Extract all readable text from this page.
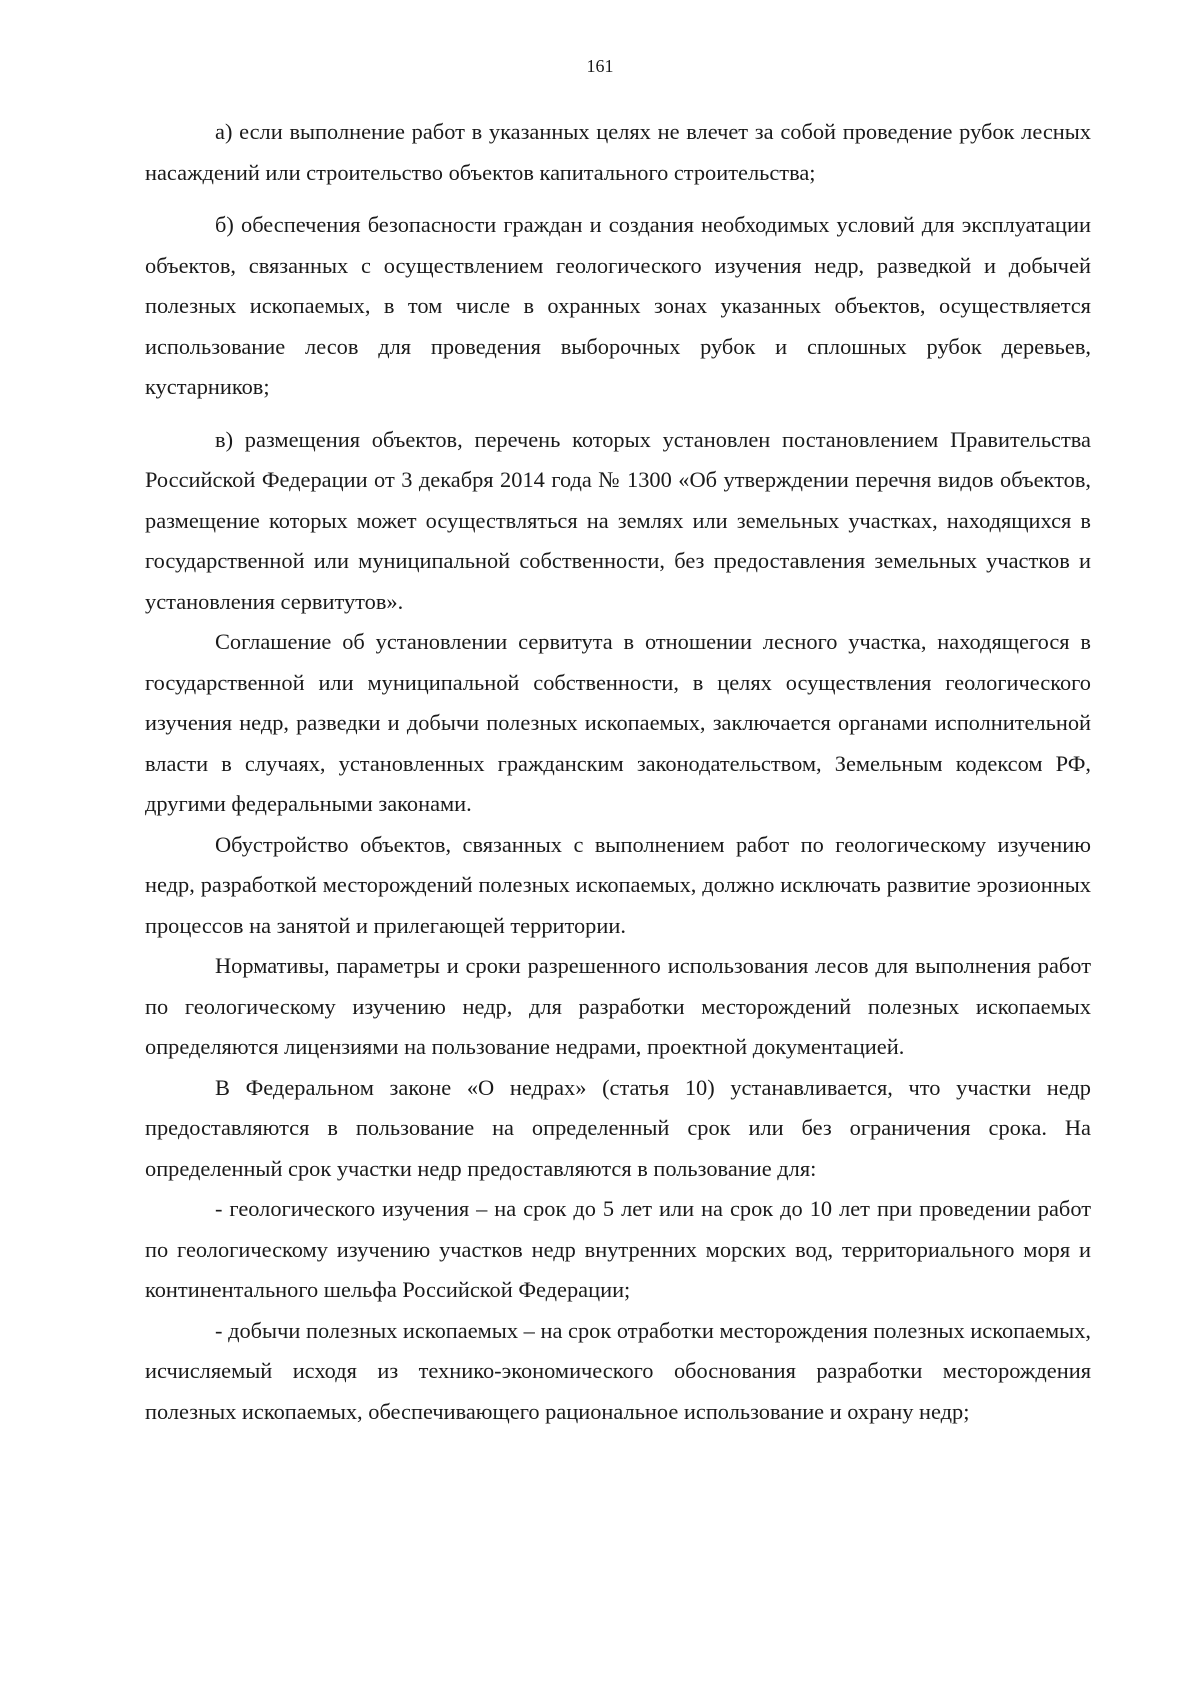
161

а) если выполнение работ в указанных целях не влечет за собой проведение рубок лесных насаждений или строительство объектов капитального строительства;

б) обеспечения безопасности граждан и создания необходимых условий для эксплуатации объектов, связанных с осуществлением геологического изучения недр, разведкой и добычей полезных ископаемых, в том числе в охранных зонах указанных объектов, осуществляется использование лесов для проведения выборочных рубок и сплошных рубок деревьев, кустарников;

в) размещения объектов, перечень которых установлен постановлением Правительства Российской Федерации от 3 декабря 2014 года № 1300 «Об утверждении перечня видов объектов, размещение которых может осуществляться на землях или земельных участках, находящихся в государственной или муниципальной собственности, без предоставления земельных участков и установления сервитутов».

Соглашение об установлении сервитута в отношении лесного участка, находящегося в государственной или муниципальной собственности, в целях осуществления геологического изучения недр, разведки и добычи полезных ископаемых, заключается органами исполнительной власти в случаях, установленных гражданским законодательством, Земельным кодексом РФ, другими федеральными законами.

Обустройство объектов, связанных с выполнением работ по геологическому изучению недр, разработкой месторождений полезных ископаемых, должно исключать развитие эрозионных процессов на занятой и прилегающей территории.

Нормативы, параметры и сроки разрешенного использования лесов для выполнения работ по геологическому изучению недр, для разработки месторождений полезных ископаемых определяются лицензиями на пользование недрами, проектной документацией.

В Федеральном законе «О недрах» (статья 10) устанавливается, что участки недр предоставляются в пользование на определенный срок или без ограничения срока. На определенный срок участки недр предоставляются в пользование для:

- геологического изучения – на срок до 5 лет или на срок до 10 лет при проведении работ по геологическому изучению участков недр внутренних морских вод, территориального моря и континентального шельфа Российской Федерации;

- добычи полезных ископаемых – на срок отработки месторождения полезных ископаемых, исчисляемый исходя из технико-экономического обоснования разработки месторождения полезных ископаемых, обеспечивающего рациональное использование и охрану недр;
